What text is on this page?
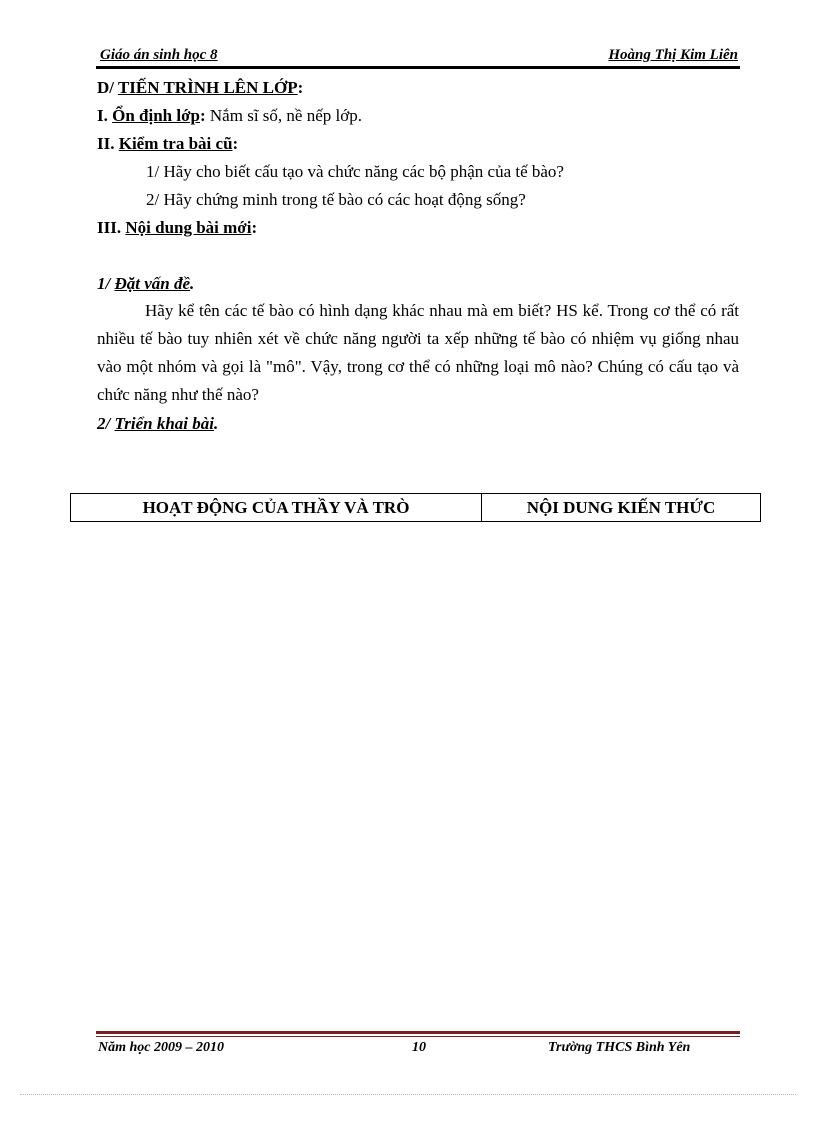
Giáo án sinh học 8	Hoàng Thị Kim Liên
D/ TIẾN TRÌNH LÊN LỚP:
I. Ổn định lớp: Nắm sĩ số, nề nếp lớp.
II. Kiểm tra bài cũ:
1/ Hãy cho biết cấu tạo và chức năng các bộ phận của tế bào?
2/ Hãy chứng minh trong tế bào có các hoạt động sống?
III. Nội dung bài mới:
1/ Đặt vấn đề.
Hãy kể tên các tế bào có hình dạng khác nhau mà em biết? HS kể. Trong cơ thể có rất nhiều tế bào tuy nhiên xét về chức năng người ta xếp những tế bào có nhiệm vụ giống nhau vào một nhóm và gọi là "mô". Vậy, trong cơ thể có những loại mô nào? Chúng có cấu tạo và chức năng như thế nào?
2/ Triển khai bài.
HOẠT ĐỘNG CỦA THẦY VÀ TRÒ	NỘI DUNG KIẾN THỨC
Năm học 2009 – 2010	10	Trường THCS Bình Yên
